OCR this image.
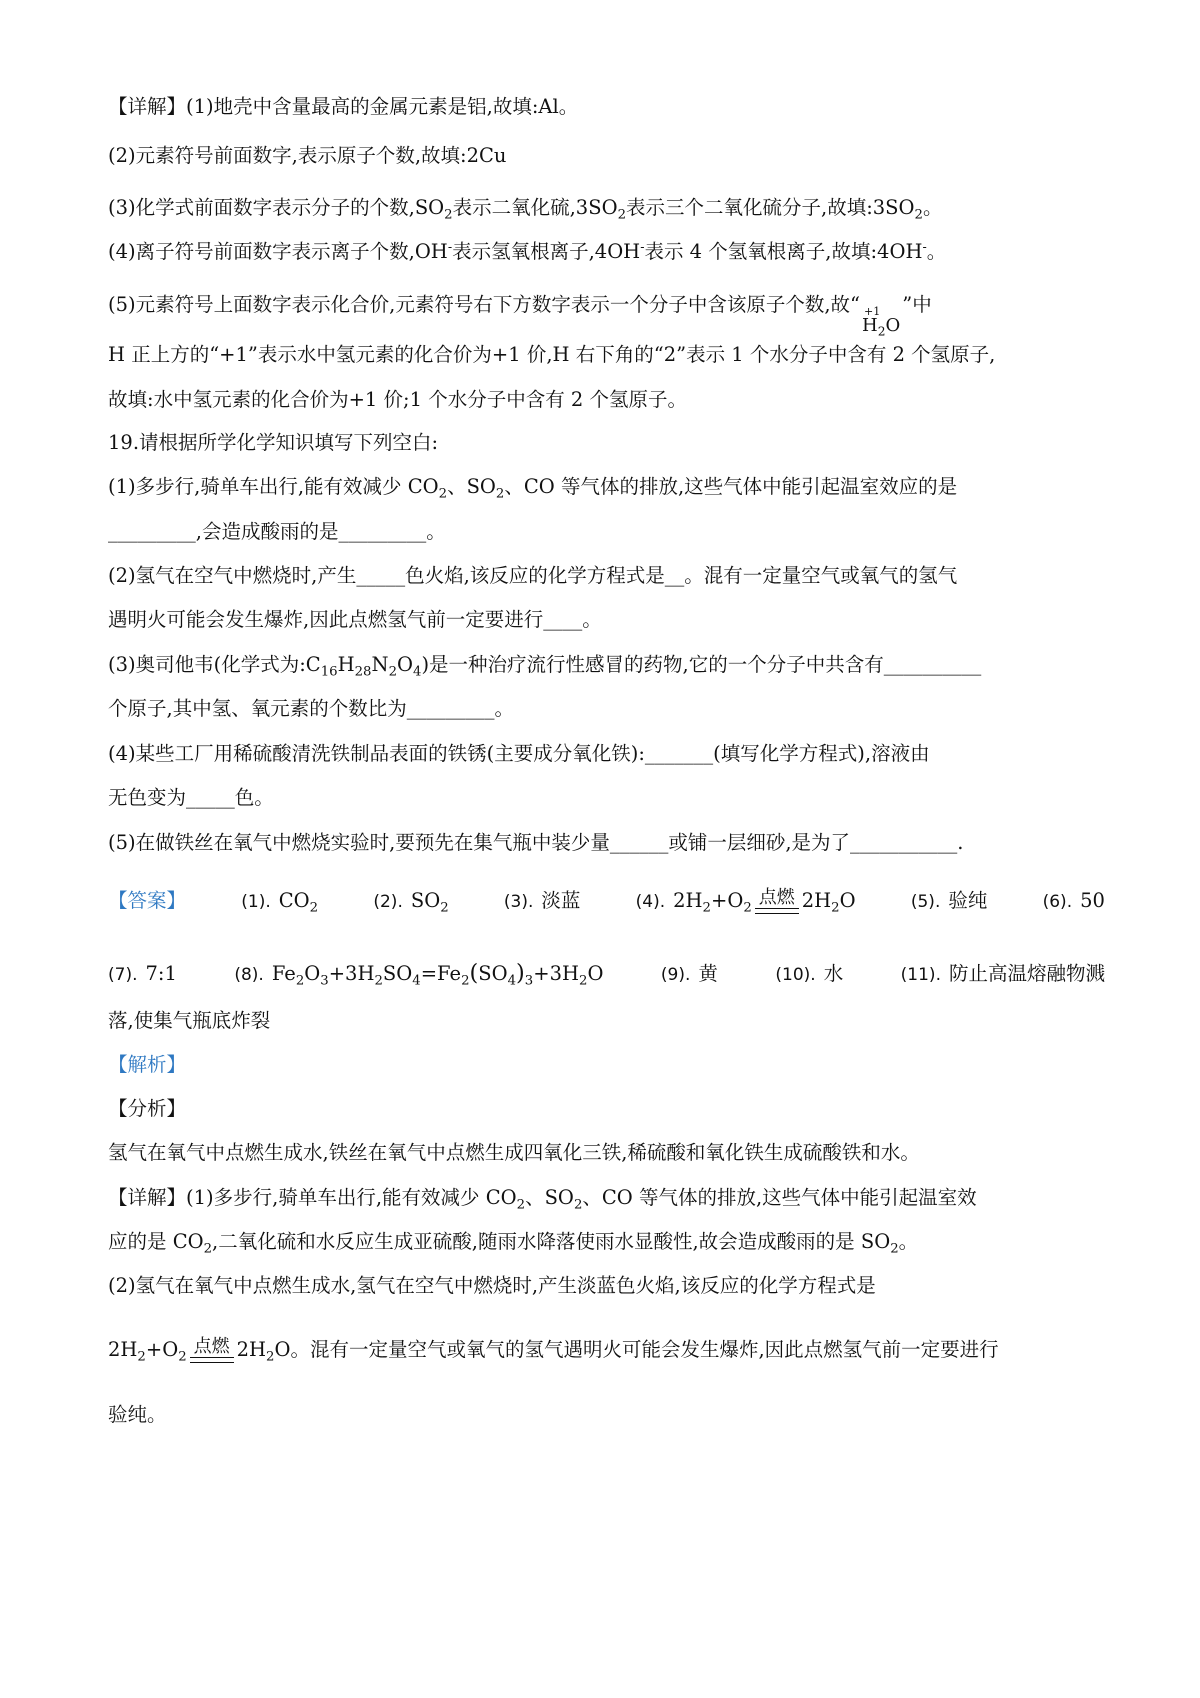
【详解】(1)地壳中含量最高的金属元素是铝,故填:Al。
(2)元素符号前面数字,表示原子个数,故填:2Cu
(3)化学式前面数字表示分子的个数$,SO_2$表示二氧化硫$,3SO_2$表示三个二氧化硫分子,故填$:3SO_2$。
(4)离子符号前面数字表示离子个数,OH-表示氢氧根离子,4OH-表示 4 个氢氧根离子,故填:4OH-。
(5)元素符号上面数字表示化合价,元素符号右下方数字表示一个分子中含该原子个数,故“ +1
$H_2O$
”中
H 正上方的“+1”表示水中氢元素的化合价为+1 价,H 右下角的“2”表示 1 个水分子中含有 2 个氢原子,
故填:水中氢元素的化合价为+1 价;1 个水分子中含有 2 个氢原子。
19.请根据所学化学知识填写下列空白:
(1)多步行,骑单车出行,能有效减少 $CO_2$、$SO_2$、CO 等气体的排放,这些气体中能引起温室效应的是
_________,会造成酸雨的是_________。
(2)氢气在空气中燃烧时,产生_____色火焰,该反应的化学方程式是__。混有一定量空气或氧气的氢气
遇明火可能会发生爆炸,因此点燃氢气前一定要进行____。
(3)奥司他韦(化学式为$:C_{16}H_{28}N_2O_4$)是一种治疗流行性感冒的药物,它的一个分子中共含有__________
个原子,其中氢、氧元素的个数比为_________。
(4)某些工厂用稀硫酸清洗铁制品表面的铁锈(主要成分氧化铁):_______(填写化学方程式),溶液由
无色变为_____色。
(5)在做铁丝在氧气中燃烧实验时,要预先在集气瓶中装少量______或铺一层细砂,是为了___________.
【答案】	(1). $CO_2$	(2). $SO_2$	(3). 淡蓝	(4). $2H_2+O_2$
点燃 $2H_2O$	(5). 验纯	(6). 50
(7). 7:1	(8). $Fe_2O_3+3H_2SO_4=Fe_2(SO_4)_3+3H_2O$	(9). 黄	(10). 水	(11). 防止高温熔融物溅
落,使集气瓶底炸裂
【解析】
【分析】
氢气在氧气中点燃生成水,铁丝在氧气中点燃生成四氧化三铁,稀硫酸和氧化铁生成硫酸铁和水。
【详解】(1)多步行,骑单车出行,能有效减少 $CO_2$、$SO_2$、CO 等气体的排放,这些气体中能引起温室效
应的是 $CO_2$,二氧化硫和水反应生成亚硫酸,随雨水降落使雨水显酸性,故会造成酸雨的是 $SO_2$。
(2)氢气在氧气中点燃生成水,氢气在空气中燃烧时,产生淡蓝色火焰,该反应的化学方程式是
$2H_2+O_2$
点燃 $2H_2O$。混有一定量空气或氧气的氢气遇明火可能会发生爆炸,因此点燃氢气前一定要进行
验纯。
